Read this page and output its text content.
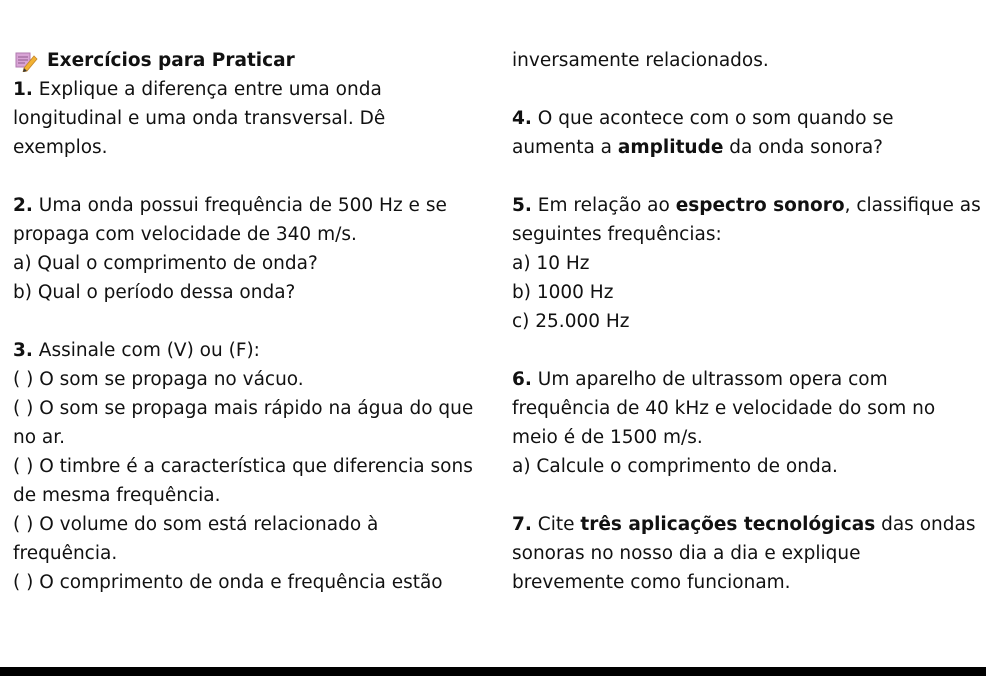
Exercícios para Praticar
1. Explique a diferença entre uma onda
longitudinal e uma onda transversal. Dê
exemplos.
2. Uma onda possui frequência de 500 Hz e se
propaga com velocidade de 340 m/s.
a) Qual o comprimento de onda?
b) Qual o período dessa onda?
3. Assinale com (V) ou (F):
( ) O som se propaga no vácuo.
( ) O som se propaga mais rápido na água do que
no ar.
( ) O timbre é a característica que diferencia sons
de mesma frequência.
( ) O volume do som está relacionado à
frequência.
( ) O comprimento de onda e frequência estão
inversamente relacionados.
4. O que acontece com o som quando se
aumenta a amplitude da onda sonora?
5. Em relação ao espectro sonoro, classifique as
seguintes frequências:
a) 10 Hz
b) 1000 Hz
c) 25.000 Hz
6. Um aparelho de ultrassom opera com
frequência de 40 kHz e velocidade do som no
meio é de 1500 m/s.
a) Calcule o comprimento de onda.
7. Cite três aplicações tecnológicas das ondas
sonoras no nosso dia a dia e explique
brevemente como funcionam.
